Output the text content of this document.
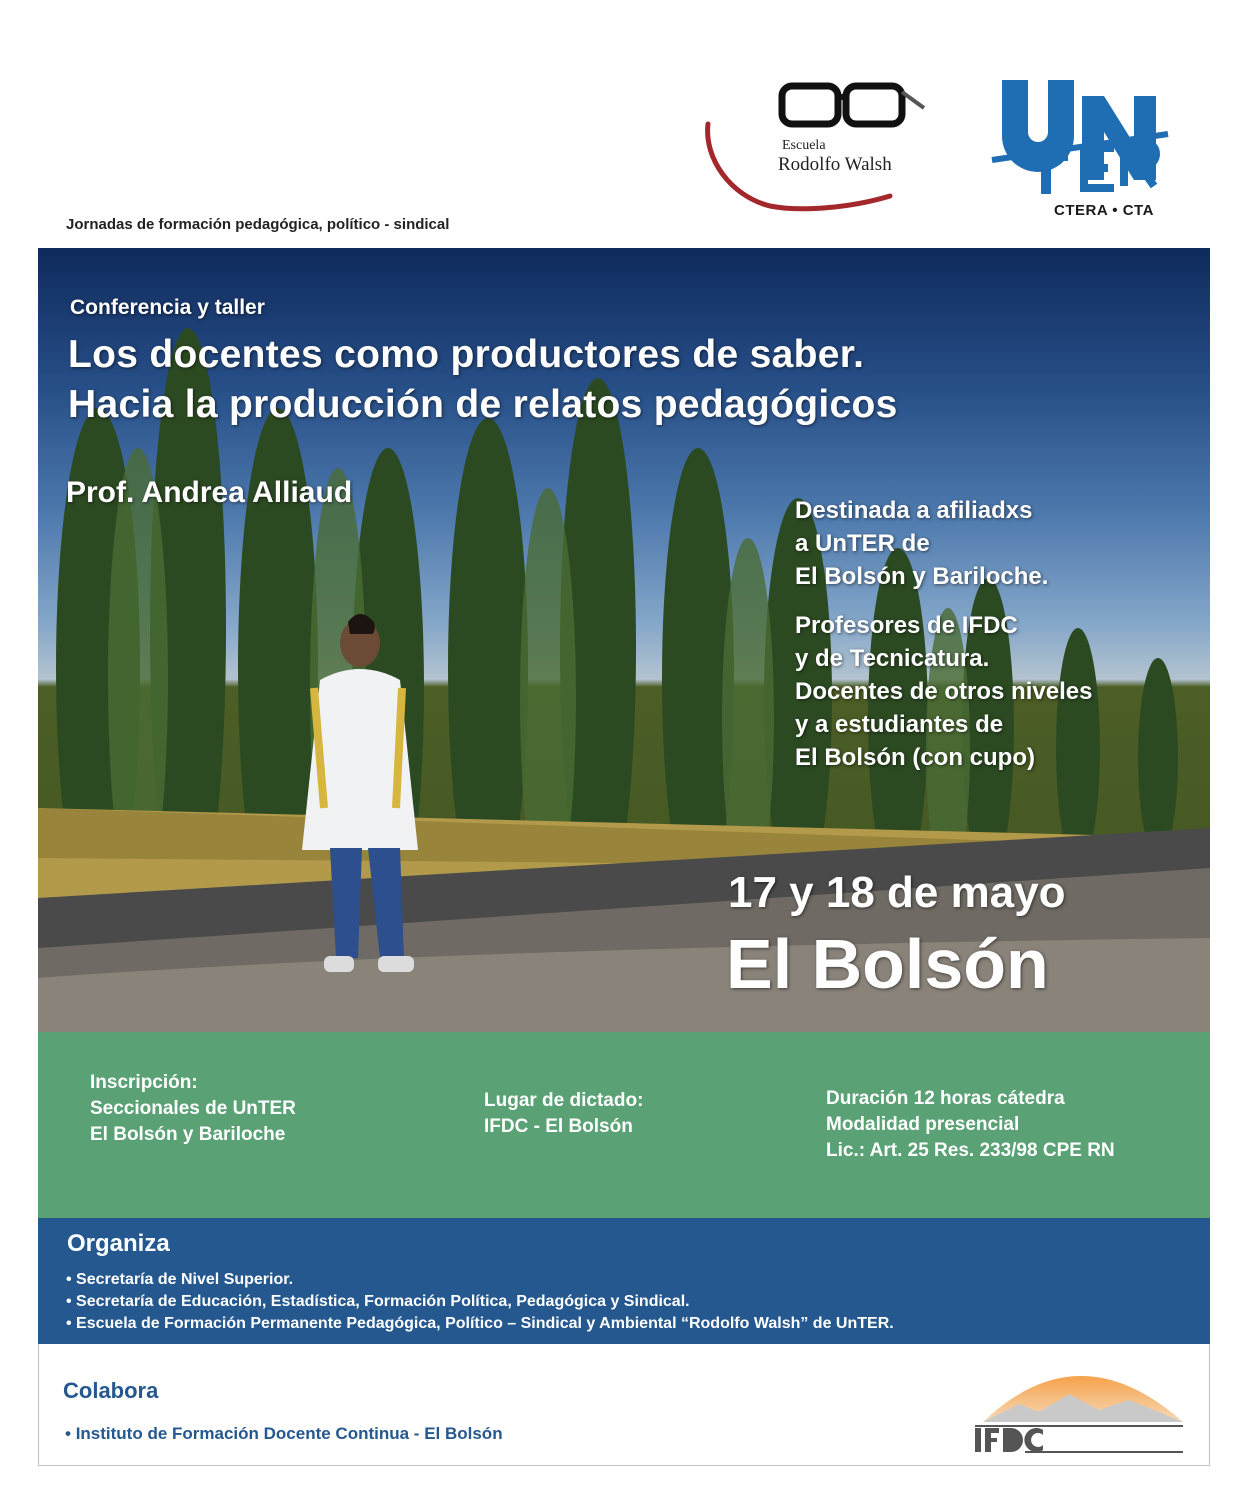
Jornadas de formación pedagógica, político - sindical
Escuela
Rodolfo Walsh
CTERA • CTA
Conferencia y taller
Los docentes como productores de saber.
Hacia la producción de relatos pedagógicos
Prof. Andrea Alliaud
Destinada a afiliadxs
a UnTER de
El Bolsón y Bariloche.
Profesores de IFDC
y de Tecnicatura.
Docentes de otros niveles
y a estudiantes de
El Bolsón (con cupo)
17 y 18 de mayo
El Bolsón
Inscripción:
Seccionales de UnTER
El Bolsón y Bariloche
Lugar de dictado:
IFDC - El Bolsón
Duración 12 horas cátedra
Modalidad presencial
Lic.: Art. 25 Res. 233/98 CPE RN
Organiza
• Secretaría de Nivel Superior.
• Secretaría de Educación, Estadística, Formación Política, Pedagógica y Sindical.
• Escuela de Formación Permanente Pedagógica, Político – Sindical y Ambiental “Rodolfo Walsh” de UnTER.
Colabora
• Instituto de Formación Docente Continua - El Bolsón
